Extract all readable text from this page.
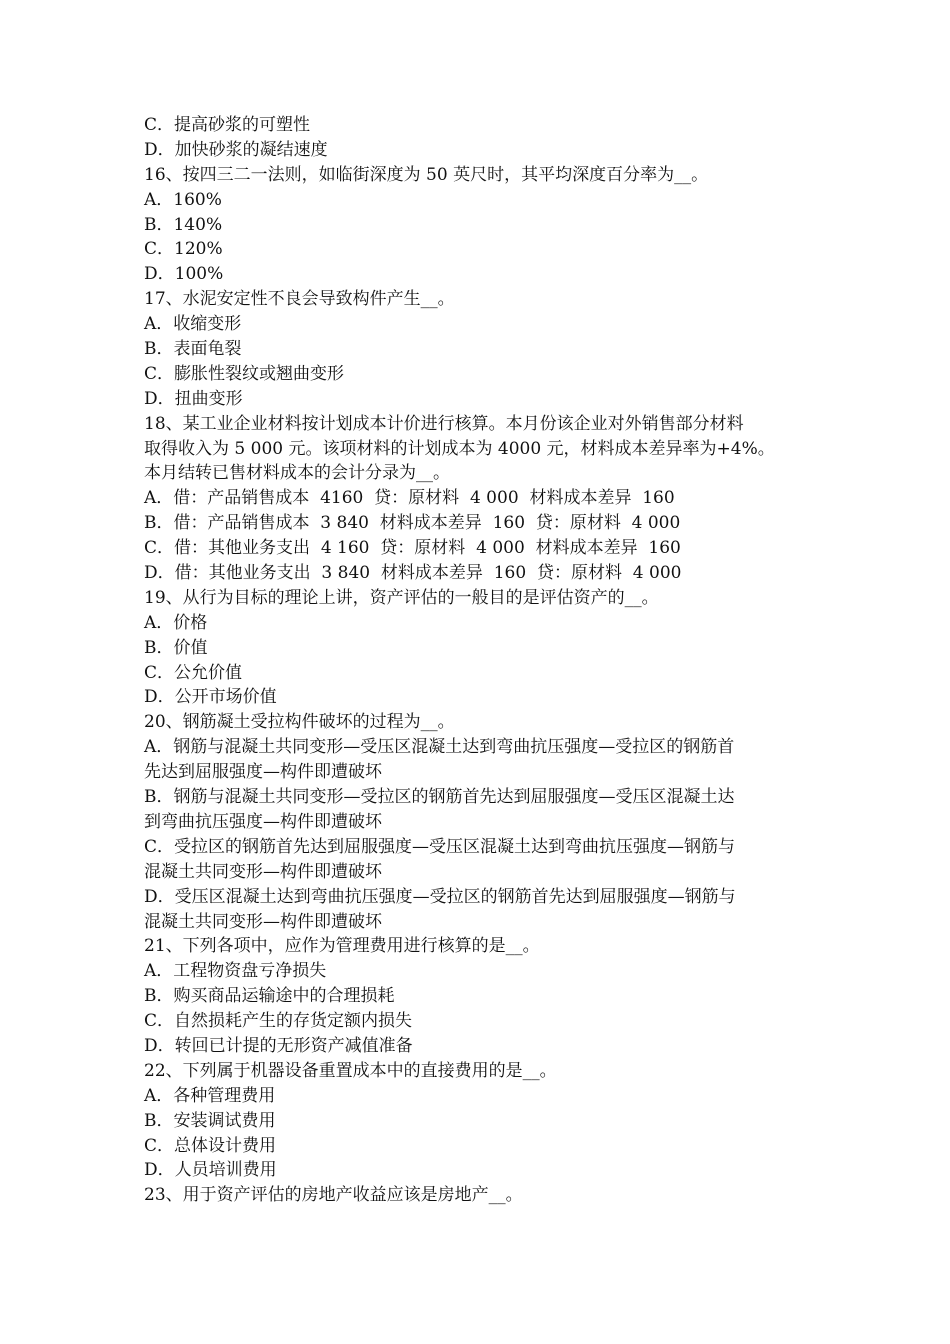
C．提高砂浆的可塑性
D．加快砂浆的凝结速度
16、按四三二一法则，如临街深度为 50 英尺时，其平均深度百分率为__。
A．160%
B．140%
C．120%
D．100%
17、水泥安定性不良会导致构件产生__。
A．收缩变形
B．表面龟裂
C．膨胀性裂纹或翘曲变形
D．扭曲变形
18、某工业企业材料按计划成本计价进行核算。本月份该企业对外销售部分材料
取得收入为 5 000 元。该项材料的计划成本为 4000 元，材料成本差异率为+4%。
本月结转已售材料成本的会计分录为__。
A．借：产品销售成本  4160  贷：原材料  4 000  材料成本差异  160
B．借：产品销售成本  3 840  材料成本差异  160  贷：原材料  4 000
C．借：其他业务支出  4 160  贷：原材料  4 000  材料成本差异  160
D．借：其他业务支出  3 840  材料成本差异  160  贷：原材料  4 000
19、从行为目标的理论上讲，资产评估的一般目的是评估资产的__。
A．价格
B．价值
C．公允价值
D．公开市场价值
20、钢筋凝土受拉构件破坏的过程为__。
A．钢筋与混凝土共同变形—受压区混凝土达到弯曲抗压强度—受拉区的钢筋首
先达到屈服强度—构件即遭破坏
B．钢筋与混凝土共同变形—受拉区的钢筋首先达到屈服强度—受压区混凝土达
到弯曲抗压强度—构件即遭破坏
C．受拉区的钢筋首先达到屈服强度—受压区混凝土达到弯曲抗压强度—钢筋与
混凝土共同变形—构件即遭破坏
D．受压区混凝土达到弯曲抗压强度—受拉区的钢筋首先达到屈服强度—钢筋与
混凝土共同变形—构件即遭破坏
21、下列各项中，应作为管理费用进行核算的是__。
A．工程物资盘亏净损失
B．购买商品运输途中的合理损耗
C．自然损耗产生的存货定额内损失
D．转回已计提的无形资产减值准备
22、下列属于机器设备重置成本中的直接费用的是__。
A．各种管理费用
B．安装调试费用
C．总体设计费用
D．人员培训费用
23、用于资产评估的房地产收益应该是房地产__。
